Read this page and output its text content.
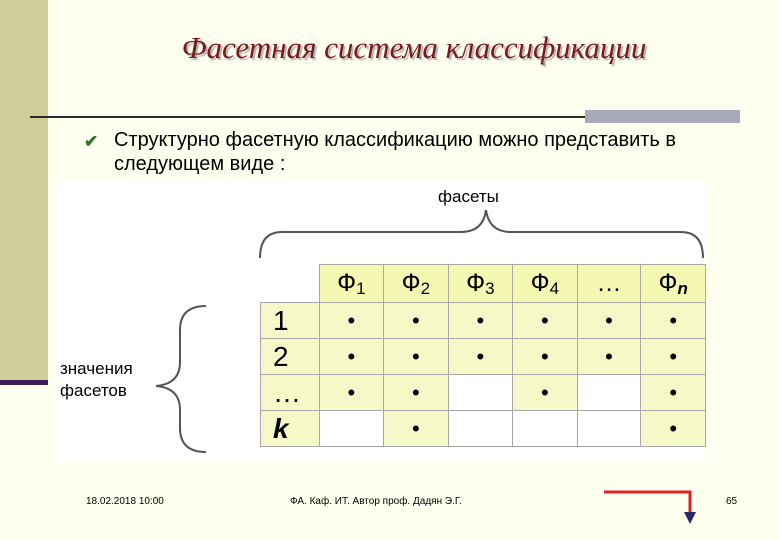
Фасетная система классификации
✔ Структурно фасетную классификацию можно представить в следующем виде :
фасеты
значения фасетов
	$Ф_1$	$Ф_2$	$Ф_3$	$Ф_4$	…	$Ф_n$
1	•	•	•	•	•	•
2	•	•	•	•	•	•
…	•	•		•		•
k		•				•
18.02.2018 10:00	ФА. Каф. ИТ. Автор проф. Дадян Э.Г.	65
